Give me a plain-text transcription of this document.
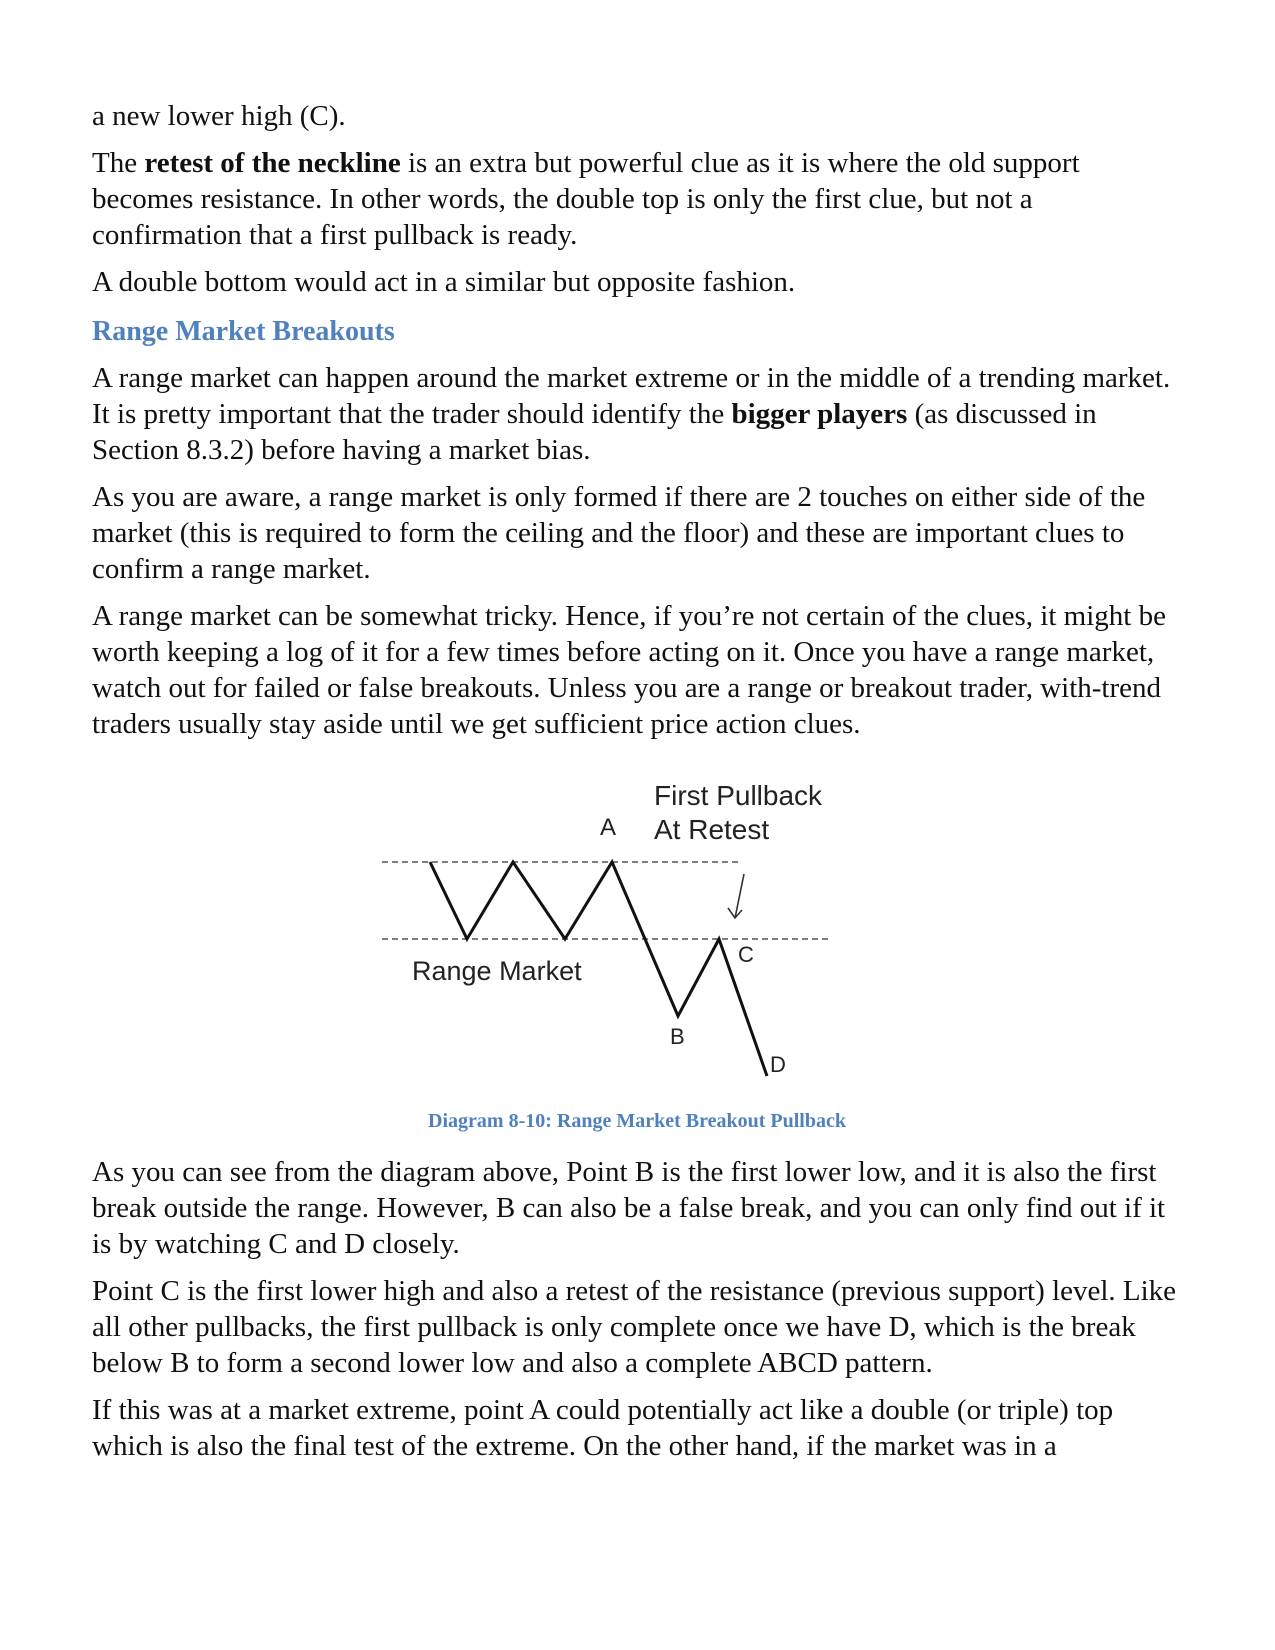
a new lower high (C).

The retest of the neckline is an extra but powerful clue as it is where the old support becomes resistance. In other words, the double top is only the first clue, but not a confirmation that a first pullback is ready.

A double bottom would act in a similar but opposite fashion.

Range Market Breakouts

A range market can happen around the market extreme or in the middle of a trending market. It is pretty important that the trader should identify the bigger players (as discussed in Section 8.3.2) before having a market bias.

As you are aware, a range market is only formed if there are 2 touches on either side of the market (this is required to form the ceiling and the floor) and these are important clues to confirm a range market.

A range market can be somewhat tricky. Hence, if you’re not certain of the clues, it might be worth keeping a log of it for a few times before acting on it. Once you have a range market, watch out for failed or false breakouts. Unless you are a range or breakout trader, with-trend traders usually stay aside until we get sufficient price action clues.

A
First Pullback
At Retest
C
Range Market
B
D
Diagram 8-10: Range Market Breakout Pullback

As you can see from the diagram above, Point B is the first lower low, and it is also the first break outside the range. However, B can also be a false break, and you can only find out if it is by watching C and D closely.

Point C is the first lower high and also a retest of the resistance (previous support) level. Like all other pullbacks, the first pullback is only complete once we have D, which is the break below B to form a second lower low and also a complete ABCD pattern.

If this was at a market extreme, point A could potentially act like a double (or triple) top which is also the final test of the extreme. On the other hand, if the market was in a
